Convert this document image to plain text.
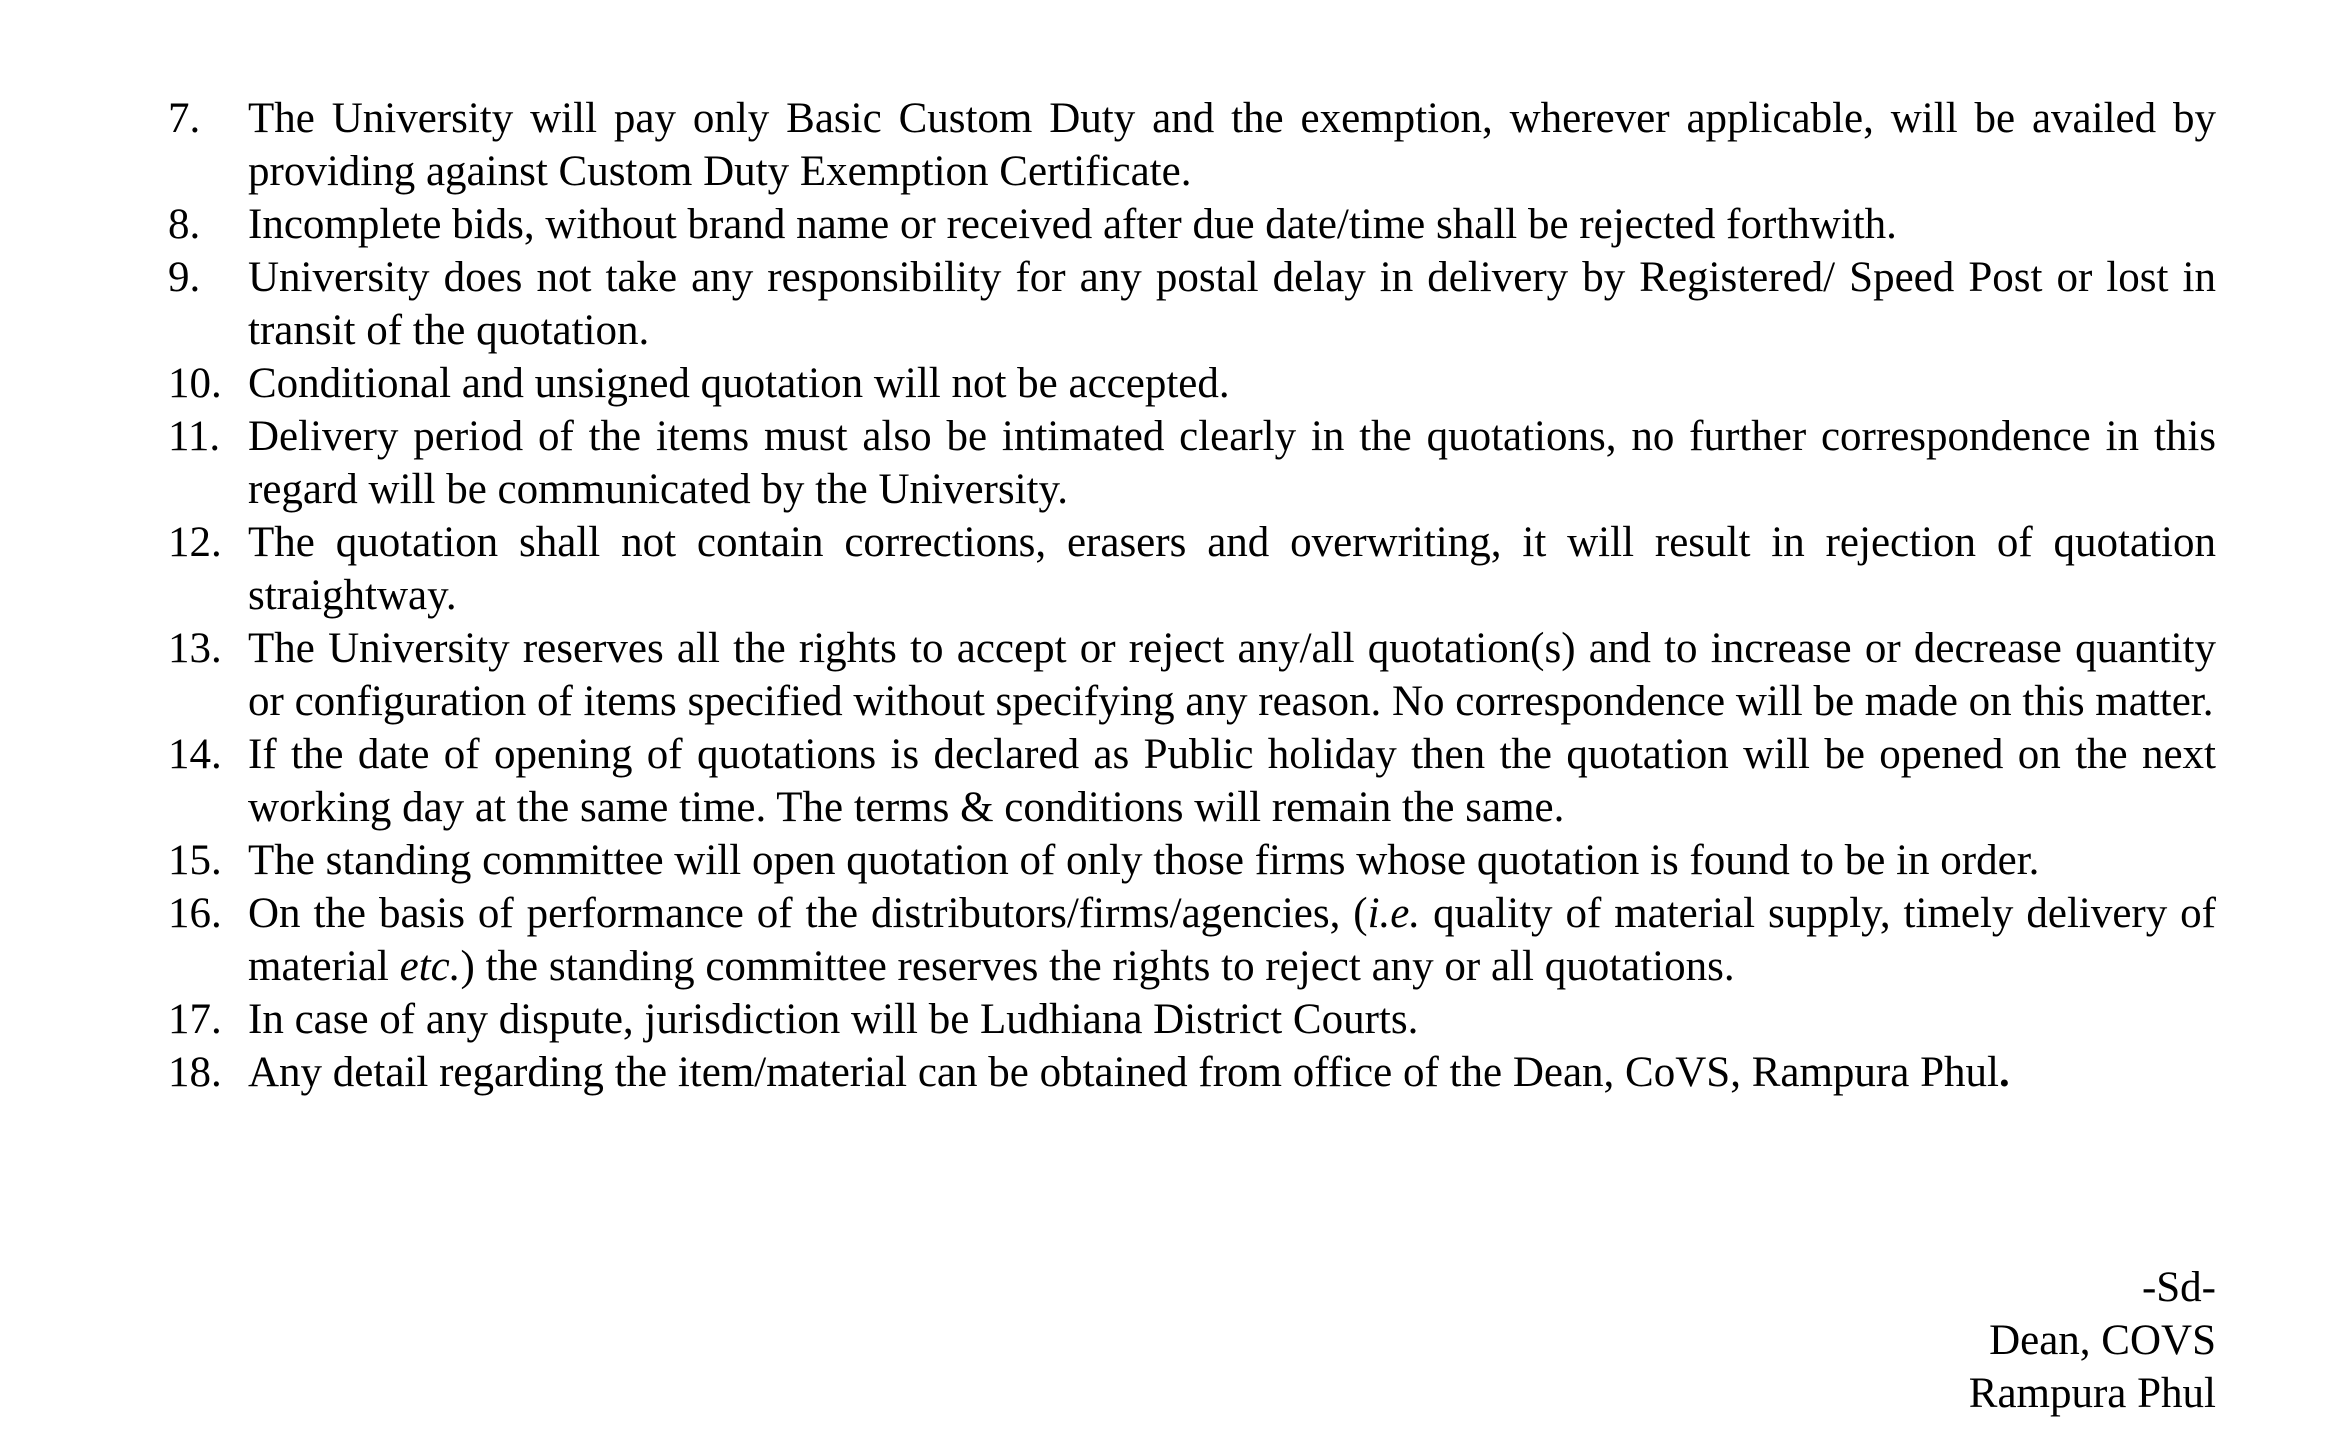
7.	The University will pay only Basic Custom Duty and the exemption, wherever applicable, will be availed by providing against Custom Duty Exemption Certificate.
8.	Incomplete bids, without brand name or received after due date/time shall be rejected forthwith.
9.	University does not take any responsibility for any postal delay in delivery by Registered/ Speed Post or lost in transit of the quotation.
10. Conditional and unsigned quotation will not be accepted.
11. Delivery period of the items must also be intimated clearly in the quotations, no further correspondence in this regard will be communicated by the University.
12. The quotation shall not contain corrections, erasers and overwriting, it will result in rejection of quotation straightway.
13. The University reserves all the rights to accept or reject any/all quotation(s) and to increase or decrease quantity or configuration of items specified without specifying any reason. No correspondence will be made on this matter.
14. If the date of opening of quotations is declared as Public holiday then the quotation will be opened on the next working day at the same time. The terms & conditions will remain the same.
15. The standing committee will open quotation of only those firms whose quotation is found to be in order.
16. On the basis of performance of the distributors/firms/agencies, (i.e. quality of material supply, timely delivery of material etc.) the standing committee reserves the rights to reject any or all quotations.
17. In case of any dispute, jurisdiction will be Ludhiana District Courts.
18. Any detail regarding the item/material can be obtained from office of the Dean, CoVS, Rampura Phul.
-Sd-
Dean, COVS
Rampura Phul
